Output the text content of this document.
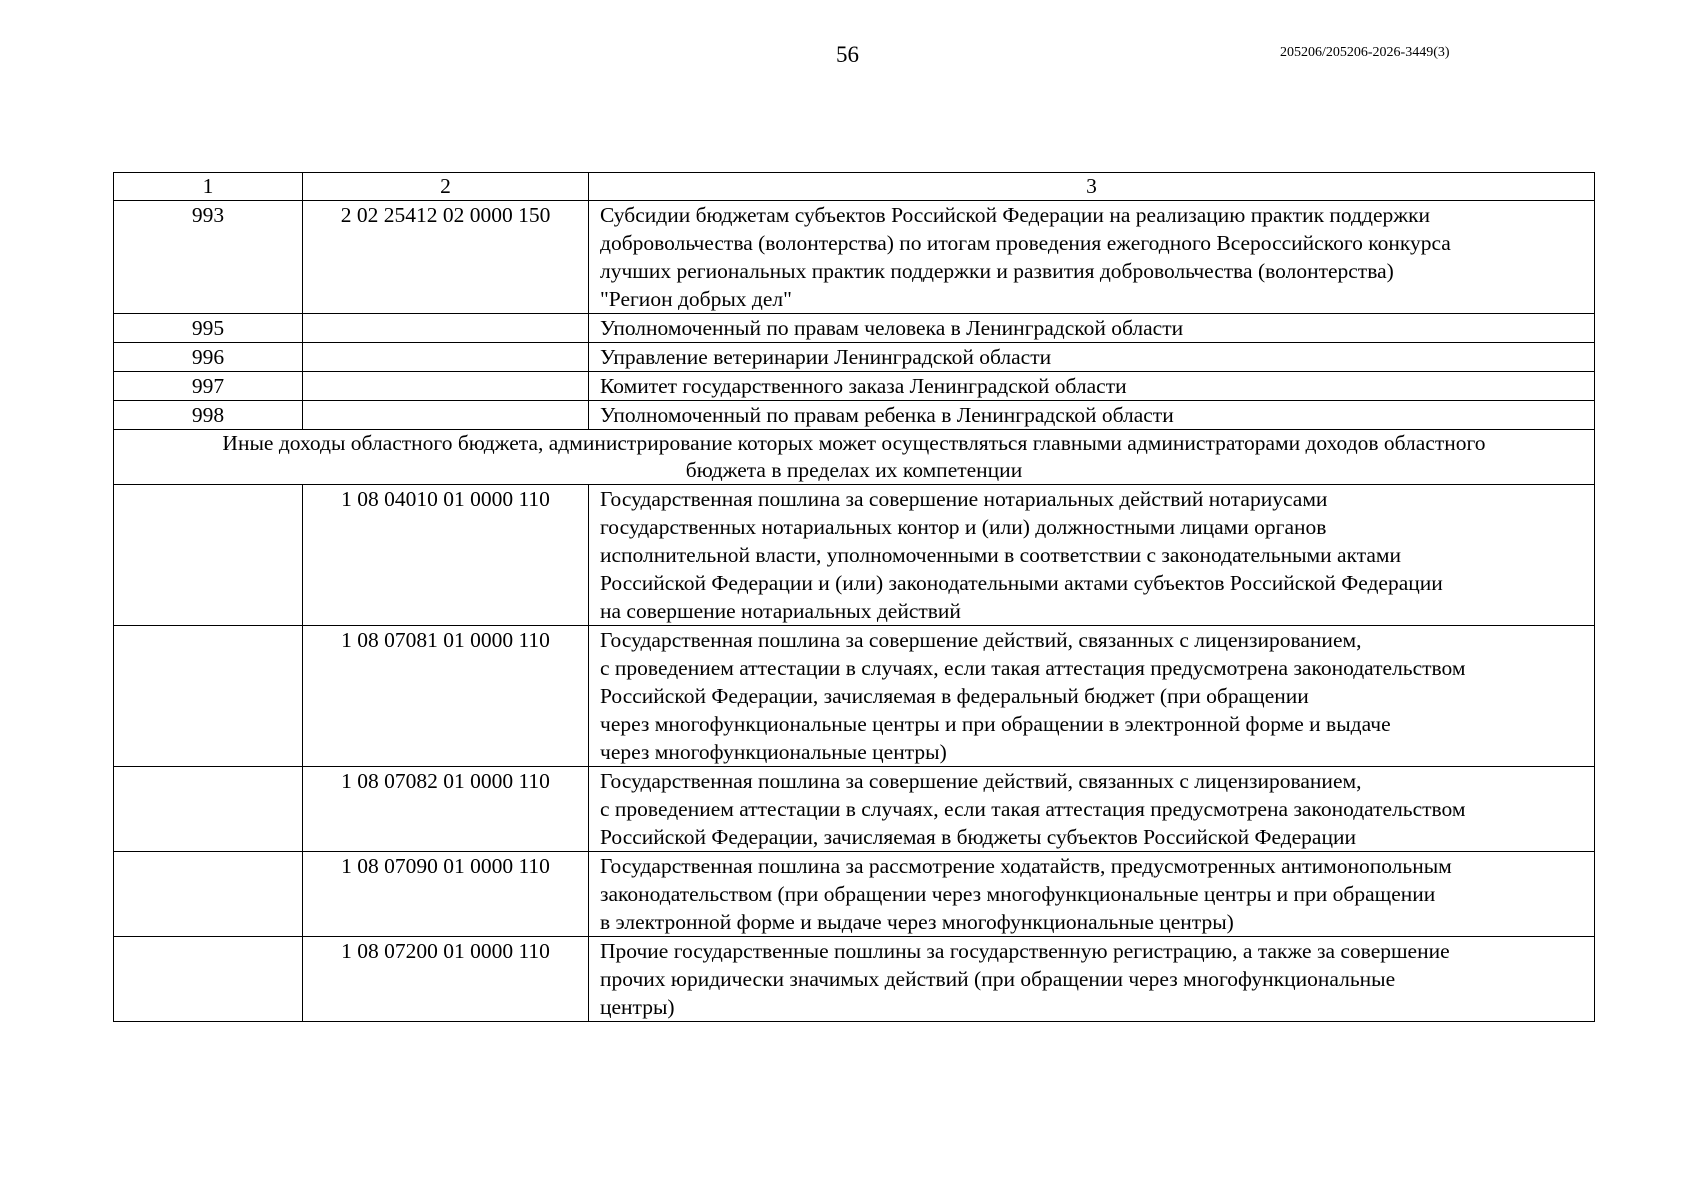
56	205206/205206-2026-3449(3)
1	2	3
993	2 02 25412 02 0000 150	Субсидии бюджетам субъектов Российской Федерации на реализацию практик поддержки
добровольчества (волонтерства) по итогам проведения ежегодного Всероссийского конкурса
лучших региональных практик поддержки и развития добровольчества (волонтерства)
"Регион добрых дел"

995		Уполномоченный по правам человека в Ленинградской области

996		Управление ветеринарии Ленинградской области

997		Комитет государственного заказа Ленинградской области

998		Уполномоченный по правам ребенка в Ленинградской области

Иные доходы областного бюджета, администрирование которых может осуществляться главными администраторами доходов областного
бюджета в пределах их компетенции		

	1 08 04010 01 0000 110	Государственная пошлина за совершение нотариальных действий нотариусами
государственных нотариальных контор и (или) должностными лицами органов
исполнительной власти, уполномоченными в соответствии с законодательными актами
Российской Федерации и (или) законодательными актами субъектов Российской Федерации
на совершение нотариальных действий

	1 08 07081 01 0000 110	Государственная пошлина за совершение действий, связанных с лицензированием,
с проведением аттестации в случаях, если такая аттестация предусмотрена законодательством
Российской Федерации, зачисляемая в федеральный бюджет (при обращении
через многофункциональные центры и при обращении в электронной форме и выдаче
через многофункциональные центры)

	1 08 07082 01 0000 110	Государственная пошлина за совершение действий, связанных с лицензированием,
с проведением аттестации в случаях, если такая аттестация предусмотрена законодательством
Российской Федерации, зачисляемая в бюджеты субъектов Российской Федерации

	1 08 07090 01 0000 110	Государственная пошлина за рассмотрение ходатайств, предусмотренных антимонопольным
законодательством (при обращении через многофункциональные центры и при обращении
в электронной форме и выдаче через многофункциональные центры)

	1 08 07200 01 0000 110	Прочие государственные пошлины за государственную регистрацию, а также за совершение
прочих юридически значимых действий (при обращении через многофункциональные
центры)
